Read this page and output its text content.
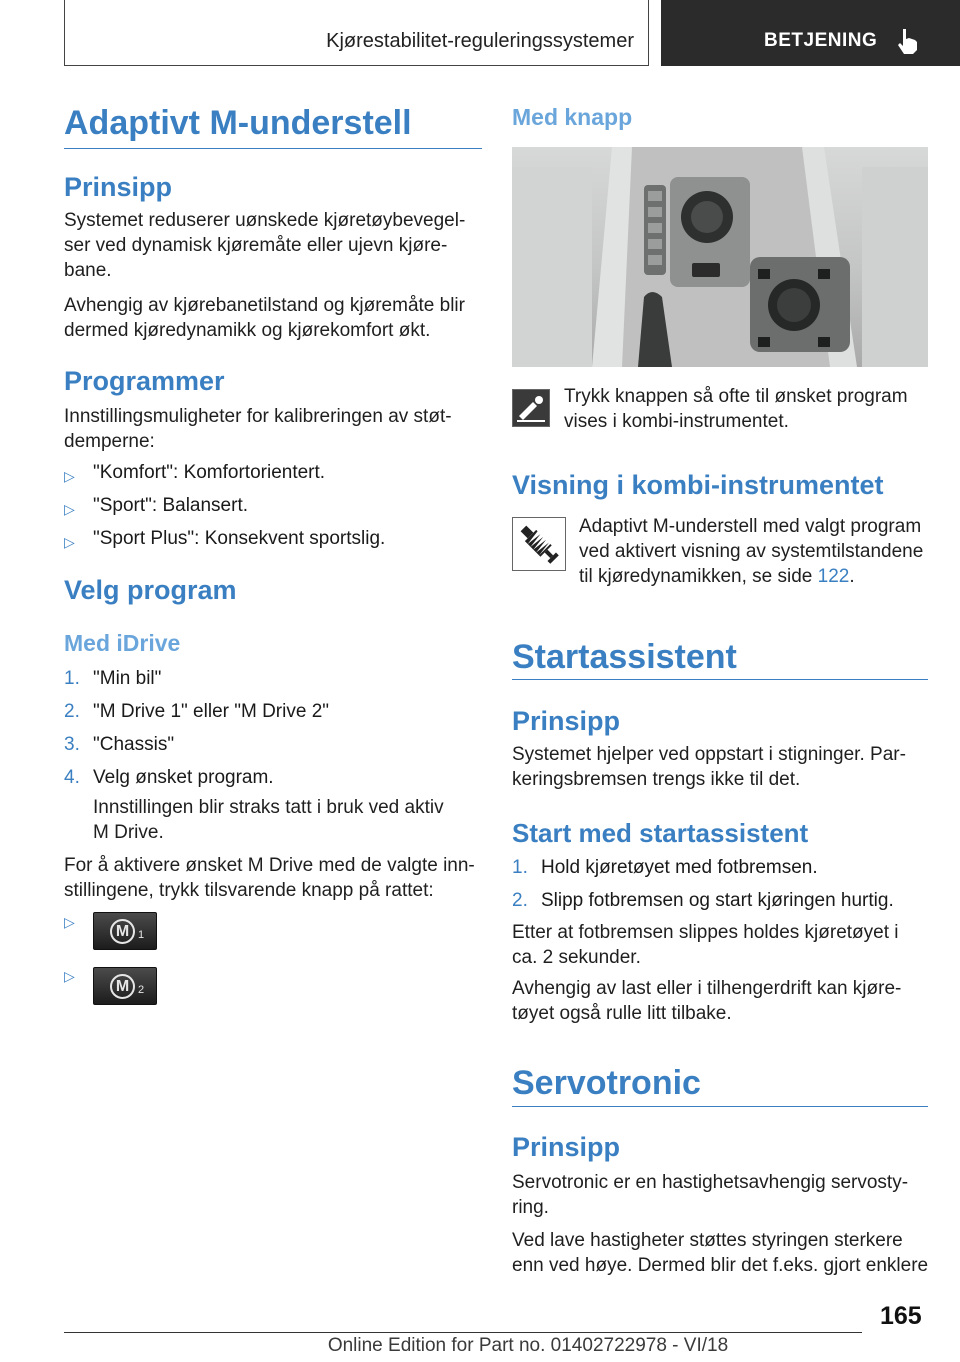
Kjørestabilitet-reguleringssystemer	BETJENING
Adaptivt M-understell
Prinsipp
Systemet reduserer uønskede kjøretøybevegel‐
ser ved dynamisk kjøremåte eller ujevn kjøre‐
bane.
Avhengig av kjørebanetilstand og kjøremåte blir
dermed kjøredynamikk og kjørekomfort økt.
Programmer
Innstillingsmuligheter for kalibreringen av støt‐
demperne:
▷ "Komfort": Komfortorientert.
▷ "Sport": Balansert.
▷ "Sport Plus": Konsekvent sportslig.
Velg program
Med iDrive
1. "Min bil"
2. "M Drive 1" eller "M Drive 2"
3. "Chassis"
4. Velg ønsket program.
Innstillingen blir straks tatt i bruk ved aktiv
M Drive.
For å aktivere ønsket M Drive med de valgte inn‐
stillingene, trykk tilsvarende knapp på rattet:
▷
M 1
▷
M 2
Med knapp
Trykk knappen så ofte til ønsket program
vises i kombi-instrumentet.
Visning i kombi-instrumentet
Adaptivt M-understell med valgt program
ved aktivert visning av systemtilstandene
til kjøredynamikken, se side 122.
Startassistent
Prinsipp
Systemet hjelper ved oppstart i stigninger. Par‐
keringsbremsen trengs ikke til det.
Start med startassistent
1. Hold kjøretøyet med fotbremsen.
2. Slipp fotbremsen og start kjøringen hurtig.
Etter at fotbremsen slippes holdes kjøretøyet i
ca. 2 sekunder.
Avhengig av last eller i tilhengerdrift kan kjøre‐
tøyet også rulle litt tilbake.
Servotronic
Prinsipp
Servotronic er en hastighetsavhengig servosty‐
ring.
Ved lave hastigheter støttes styringen sterkere
enn ved høye. Dermed blir det f.eks. gjort enklere
165
Online Edition for Part no. 01402722978 - VI/18
